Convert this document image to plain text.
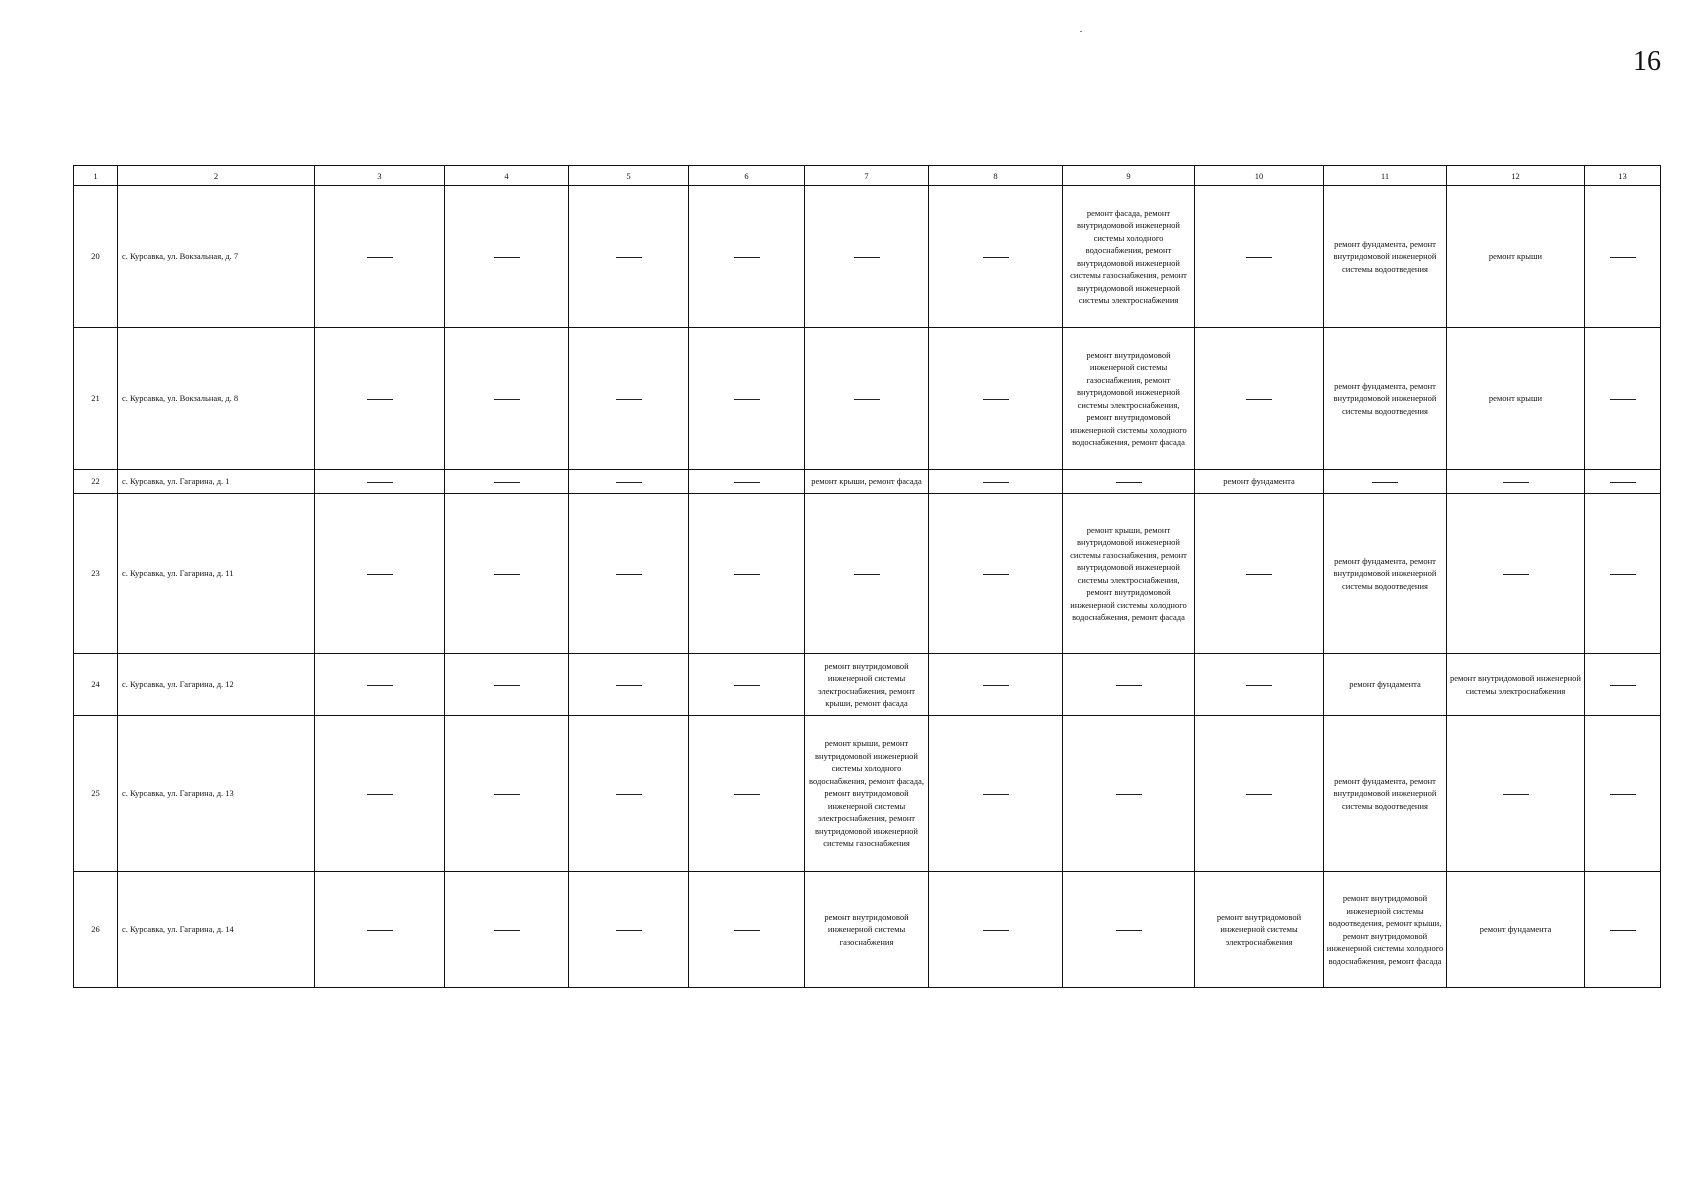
16
1	2	3	4	5	6	7	8	9	10	11	12	13
20	с. Курсавка, ул. Вокзальная, д. 7							ремонт фасада, ремонт внутридомовой инженерной системы холодного водоснабжения, ремонт внутридомовой инженерной системы газоснабжения, ремонт внутридомовой инженерной системы электроснабжения		ремонт фундамента, ремонт внутридомовой инженерной системы водоотведения	ремонт крыши	
21	с. Курсавка, ул. Вокзальная, д. 8							ремонт внутридомовой инженерной системы газоснабжения, ремонт внутридомовой инженерной системы электроснабжения, ремонт внутридомовой инженерной системы холодного водоснабжения, ремонт фасада		ремонт фундамента, ремонт внутридомовой инженерной системы водоотведения	ремонт крыши	
22	с. Курсавка, ул. Гагарина, д. 1					ремонт крыши, ремонт фасада			ремонт фундамента			
23	с. Курсавка, ул. Гагарина, д. 11							ремонт крыши, ремонт внутридомовой инженерной системы газоснабжения, ремонт внутридомовой инженерной системы электроснабжения, ремонт внутридомовой инженерной системы холодного водоснабжения, ремонт фасада		ремонт фундамента, ремонт внутридомовой инженерной системы водоотведения		
24	с. Курсавка, ул. Гагарина, д. 12					ремонт внутридомовой инженерной системы электроснабжения, ремонт крыши, ремонт фасада				ремонт фундамента	ремонт внутридомовой инженерной системы электроснабжения	
25	с. Курсавка, ул. Гагарина, д. 13					ремонт крыши, ремонт внутридомовой инженерной системы холодного водоснабжения, ремонт фасада, ремонт внутридомовой инженерной системы электроснабжения, ремонт внутридомовой инженерной системы газоснабжения				ремонт фундамента, ремонт внутридомовой инженерной системы водоотведения		
26	с. Курсавка, ул. Гагарина, д. 14					ремонт внутридомовой инженерной системы газоснабжения			ремонт внутридомовой инженерной системы электроснабжения	ремонт внутридомовой инженерной системы водоотведения, ремонт крыши, ремонт внутридомовой инженерной системы холодного водоснабжения, ремонт фасада	ремонт фундамента	
